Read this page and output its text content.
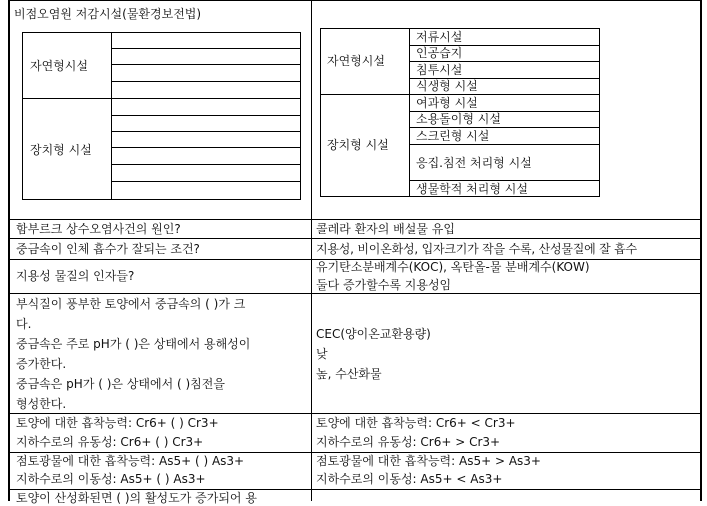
비점오염원 저감시설(물환경보전법)
자연형시설
장치형 시설
자연형시설
장치형 시설
저류시설
인공습지
침투시설
식생형 시설
여과형 시설
소용돌이형 시설
스크린형 시설
응집.침전 처리형 시설
생물학적 처리형 시설
함부르크 상수오염사건의 원인?	콜레라 환자의 배설물 유입
중금속이 인체 흡수가 잘되는 조건?	지용성, 비이온화성, 입자크기가 작을 수록, 산성물질에 잘 흡수
지용성 물질의 인자들?
유기탄소분배계수(KOC), 옥탄올-물 분배계수(KOW)
둘다 증가할수록 지용성임
부식질이 풍부한 토양에서 중금속의 ( )가 크
다.
중금속은 주로 pH가 ( )은 상태에서 용해성이
증가한다.
중금속은 pH가 ( )은 상태에서 ( )침전을
형성한다.
CEC(양이온교환용량)
낮
높, 수산화물
토양에 대한 흡착능력: Cr6+ ( ) Cr3+
지하수로의 유동성: Cr6+ ( ) Cr3+
토양에 대한 흡착능력: Cr6+ < Cr3+
지하수로의 유동성: Cr6+ > Cr3+
점토광물에 대한 흡착능력: As5+ ( ) As3+
지하수로의 이동성: As5+ ( ) As3+
점토광물에 대한 흡착능력: As5+ > As3+
지하수로의 이동성: As5+ < As3+
토양이 산성화된면 ( )의 활성도가 증가되어 용
